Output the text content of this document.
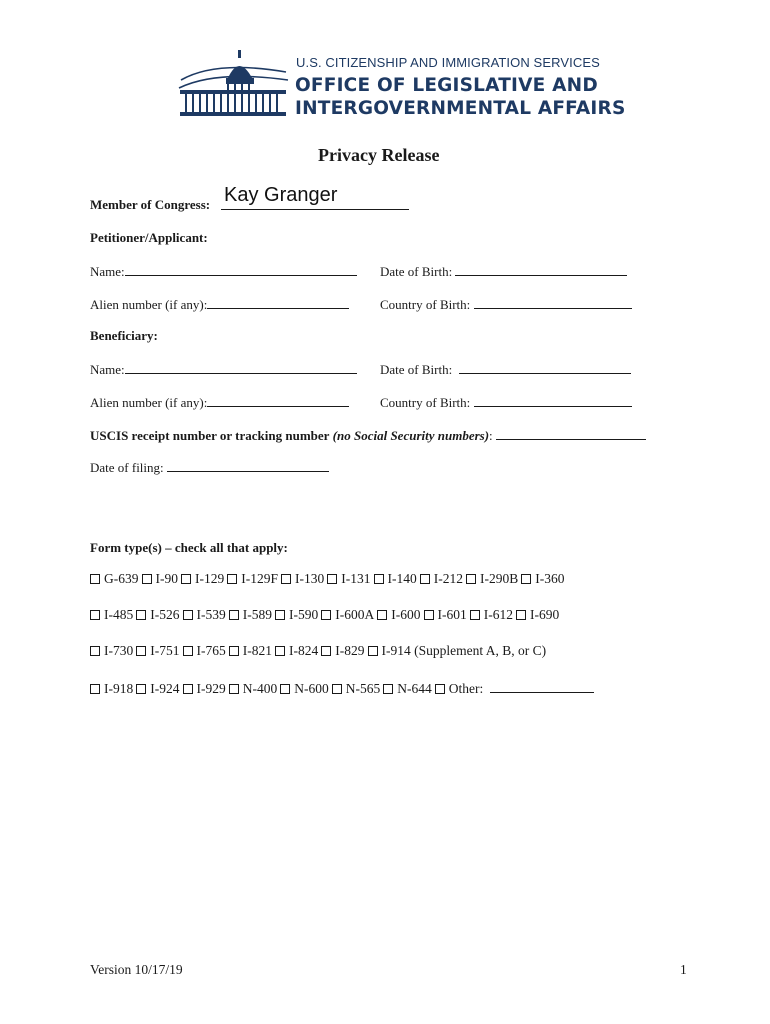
U.S. CITIZENSHIP AND IMMIGRATION SERVICES
OFFICE OF LEGISLATIVE AND
INTERGOVERNMENTAL AFFAIRS
Privacy Release
Member of Congress: Kay Granger
Petitioner/Applicant:
Name:	Date of Birth:
Alien number (if any):	Country of Birth:
Beneficiary:
Name:	Date of Birth:
Alien number (if any):	Country of Birth:
USCIS receipt number or tracking number (no Social Security numbers):
Date of filing:
Form type(s) – check all that apply:
G-639 I-90 I-129 I-129F I-130 I-131 I-140 I-212 I-290B I-360
I-485 I-526 I-539 I-589 I-590 I-600A I-600 I-601 I-612 I-690
I-730 I-751 I-765 I-821 I-824 I-829 I-914 (Supplement A, B, or C)
I-918 I-924 I-929 N-400 N-600 N-565 N-644 Other:
Version 10/17/19	1
